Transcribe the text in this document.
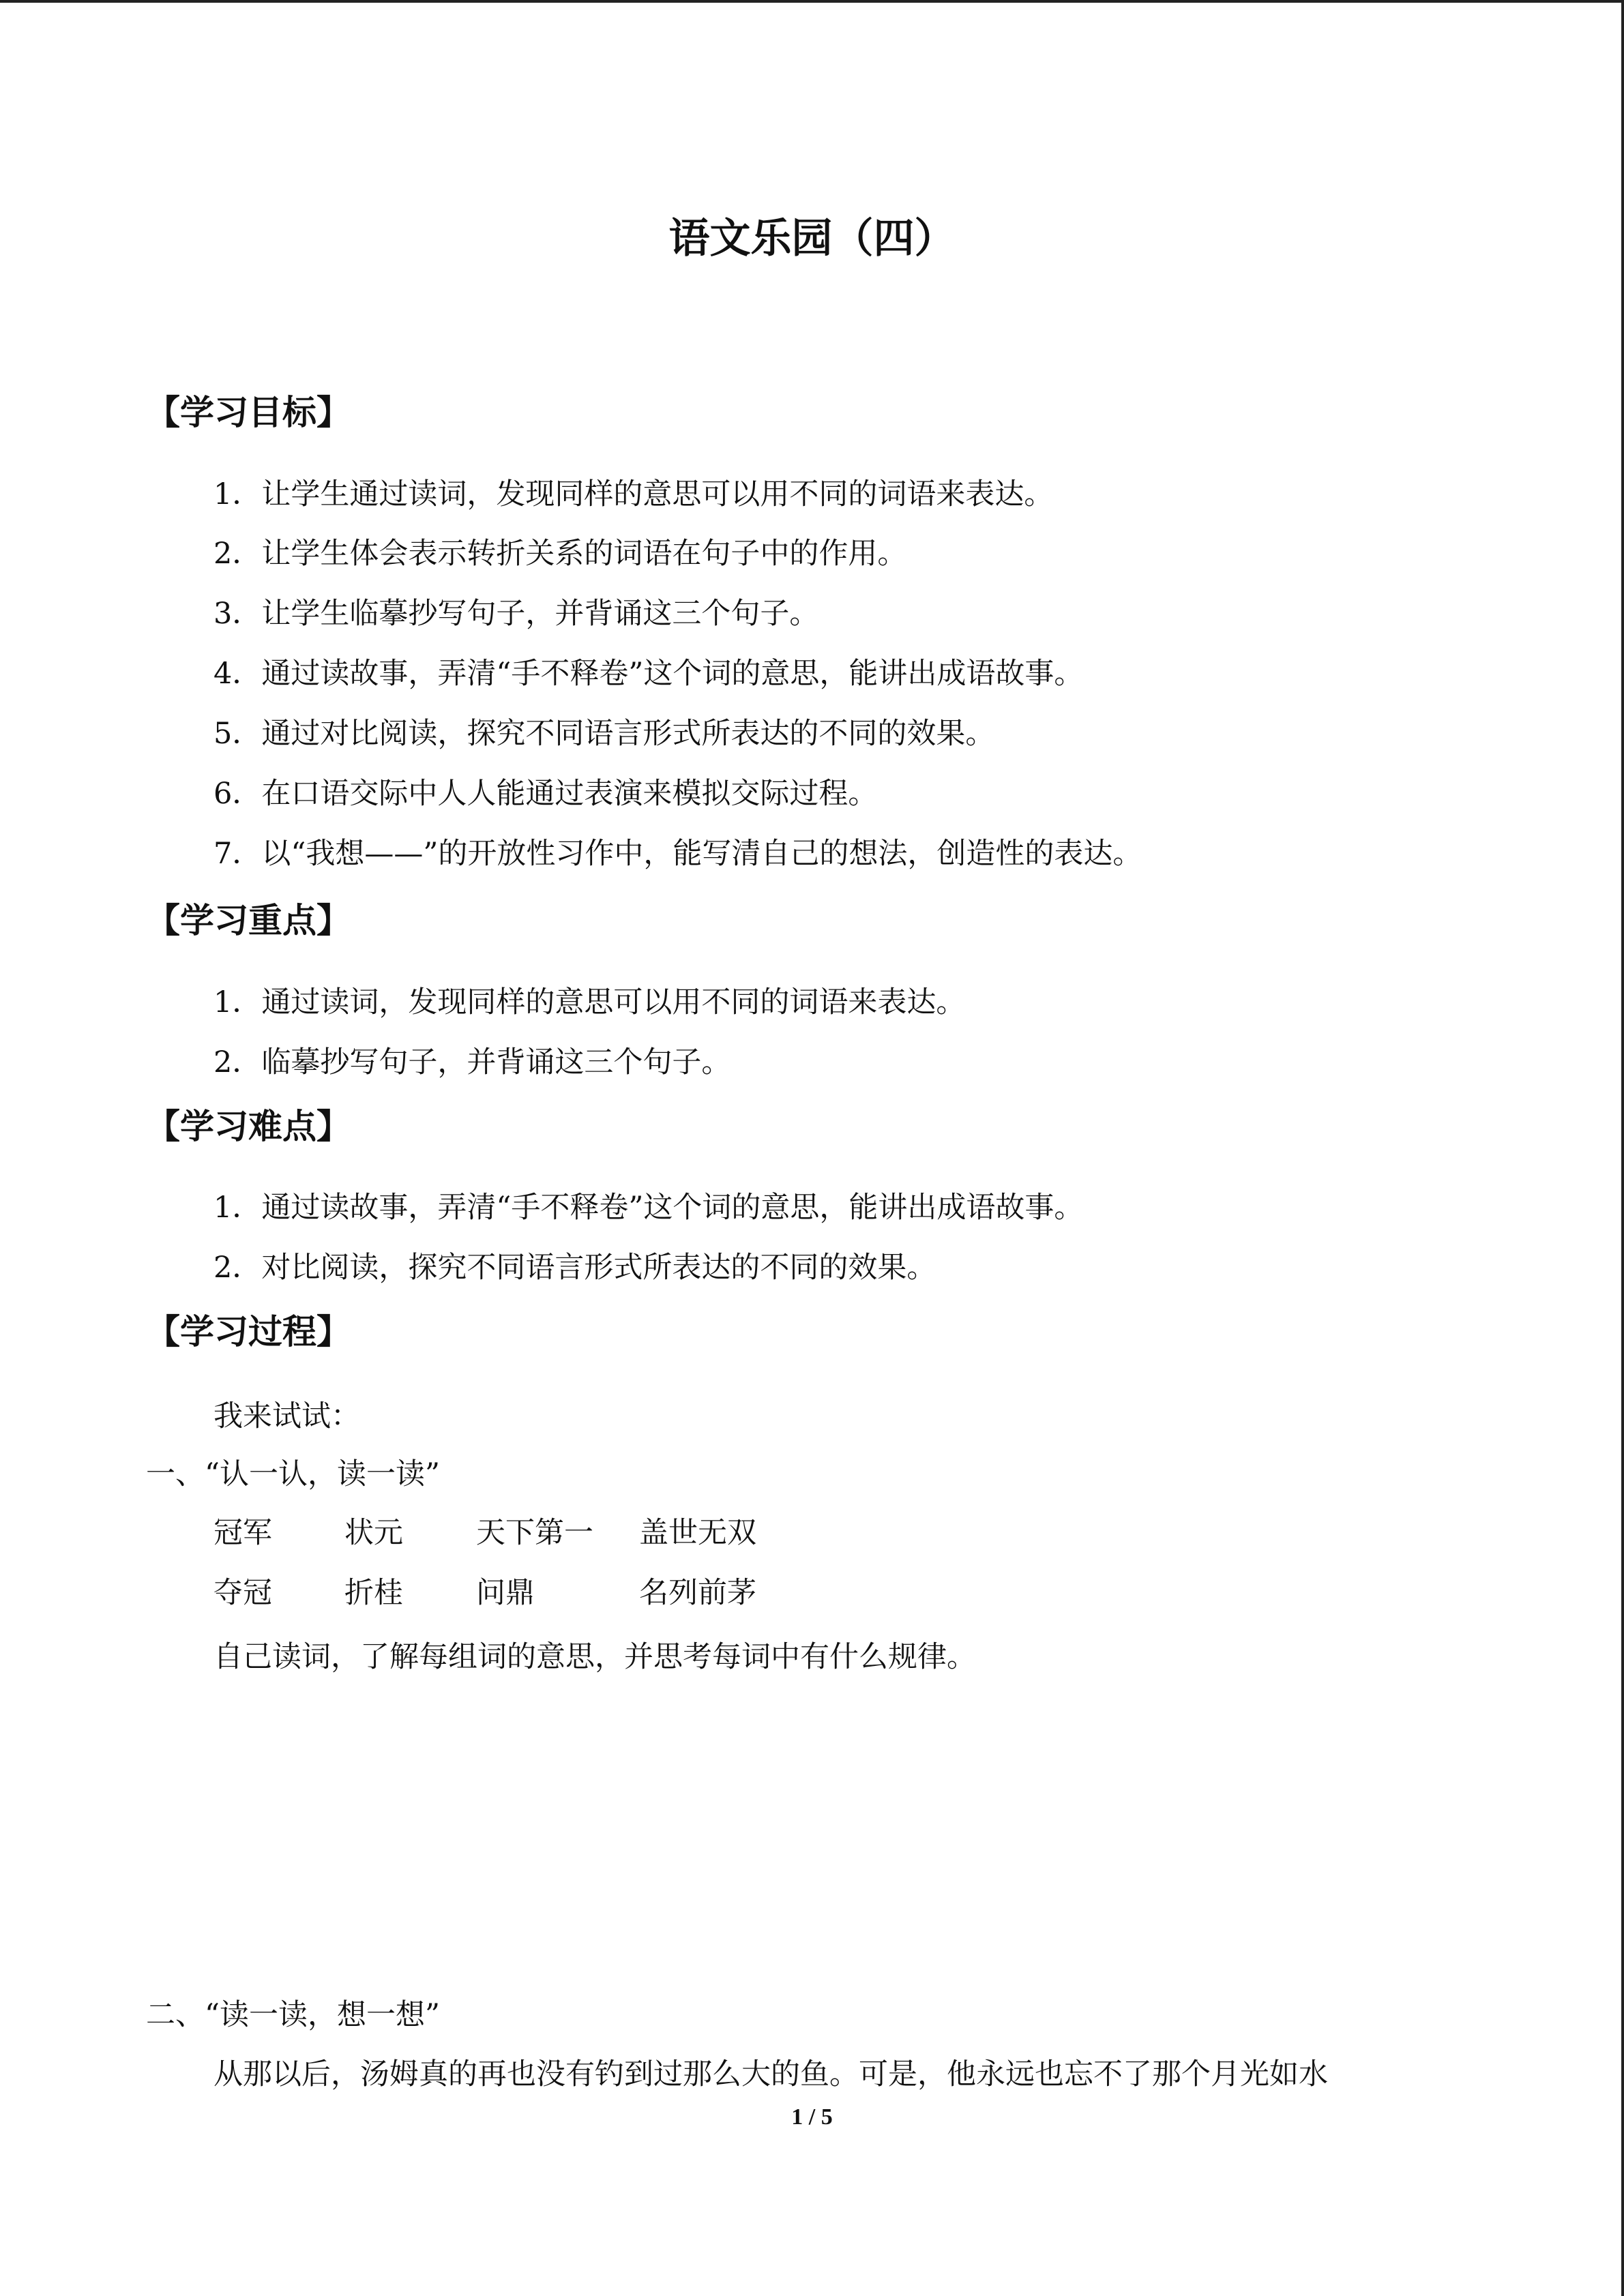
语文乐园（四）
【学习目标】

1．让学生通过读词，发现同样的意思可以用不同的词语来表达。

2．让学生体会表示转折关系的词语在句子中的作用。

3．让学生临摹抄写句子，并背诵这三个句子。

4．通过读故事，弄清“手不释卷”这个词的意思，能讲出成语故事。

5．通过对比阅读，探究不同语言形式所表达的不同的效果。

6．在口语交际中人人能通过表演来模拟交际过程。

7．以“我想——”的开放性习作中，能写清自己的想法，创造性的表达。

【学习重点】

1．通过读词，发现同样的意思可以用不同的词语来表达。

2．临摹抄写句子，并背诵这三个句子。

【学习难点】

1．通过读故事，弄清“手不释卷”这个词的意思，能讲出成语故事。

2．对比阅读，探究不同语言形式所表达的不同的效果。

【学习过程】

我来试试：

一、“认一认，读一读”

冠军 状元 天下第一 盖世无双
夺冠 折桂 问鼎	名列前茅

自己读词，了解每组词的意思，并思考每词中有什么规律。

二、“读一读，想一想”

从那以后，汤姆真的再也没有钓到过那么大的鱼。可是，他永远也忘不了那个月光如水

1 / 5
